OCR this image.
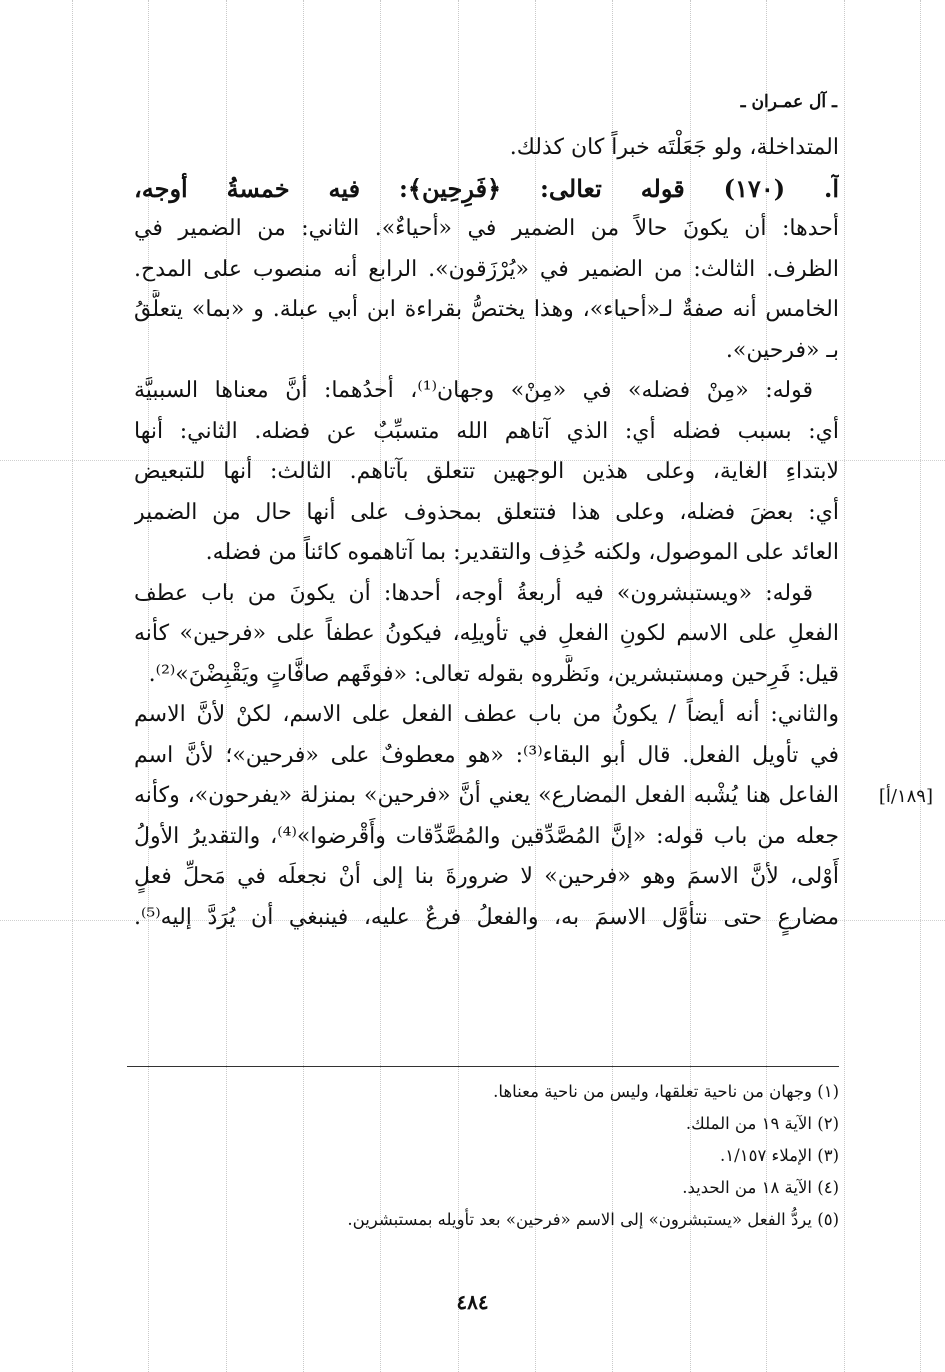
ـ آل عمـران ـ
المتداخلة، ولو جَعَلْتَه خبراً كان كذلك.
آ. (١٧٠) قوله تعالى: ﴿فَرِحِين﴾: فيه خمسةُ أوجه،
أحدها: أن يكونَ حالاً من الضمير في «أحياءٌ». الثاني: من الضمير في
الظرف. الثالث: من الضمير في «يُرْزَقون». الرابع أنه منصوب على المدح.
الخامس أنه صفةٌ لـ«أحياء»، وهذا يختصُّ بقراءة ابن أبي عبلة. و «بما» يتعلَّقُ
بـ «فرحين».
قوله: «مِنْ فضله» في «مِنْ» وجهان⁽¹⁾، أحدُهما: أنَّ معناها السببيَّة
أي: بسبب فضله أي: الذي آتاهم الله متسبِّبٌ عن فضله. الثاني: أنها
لابتداءِ الغاية، وعلى هذين الوجهين تتعلق بآتاهم. الثالث: أنها للتبعيض
أي: بعضَ فضله، وعلى هذا فتتعلق بمحذوف على أنها حال من الضمير
العائد على الموصول، ولكنه حُذِف والتقدير: بما آتاهموه كائناً من فضله.
قوله: «ويستبشرون» فيه أربعةُ أوجه، أحدها: أن يكونَ من باب عطف
الفعلِ على الاسم لكونِ الفعلِ في تأويلِه، فيكونُ عطفاً على «فرحين» كأنه
قيل: فَرِحين ومستبشرين، ونَظَّروه بقوله تعالى: «فوقَهم صافَّاتٍ ويَقْبِضْنَ»⁽²⁾.
والثاني: أنه أيضاً / يكونُ من باب عطف الفعل على الاسم، لكنْ لأنَّ الاسم
في تأويل الفعل. قال أبو البقاء⁽³⁾: «هو معطوفٌ على «فرحين»؛ لأنَّ اسم
الفاعل هنا يُشْبه الفعل المضارع» يعني أنَّ «فرحين» بمنزلة «يفرحون»، وكأنه
جعله من باب قوله: «إنَّ المُصَّدِّقين والمُصَّدِّقات وأَقْرضوا»⁽⁴⁾، والتقديرُ الأولُ
أَوْلى، لأنَّ الاسمَ وهو «فرحين» لا ضرورةَ بنا إلى أنْ نجعلَه في مَحلِّ فعلٍ
مضارعٍ حتى نتأوَّل الاسمَ به، والفعلُ فرعٌ عليه، فينبغي أن يُرَدَّ إليه⁽⁵⁾.
[١٨٩/أ]
(١) وجهان من ناحية تعلقها، وليس من ناحية معناها.
(٢) الآية ١٩ من الملك.
(٣) الإملاء ١/١٥٧.
(٤) الآية ١٨ من الحديد.
(٥) يردُّ الفعل «يستبشرون» إلى الاسم «فرحين» بعد تأويله بمستبشرين.
٤٨٤
